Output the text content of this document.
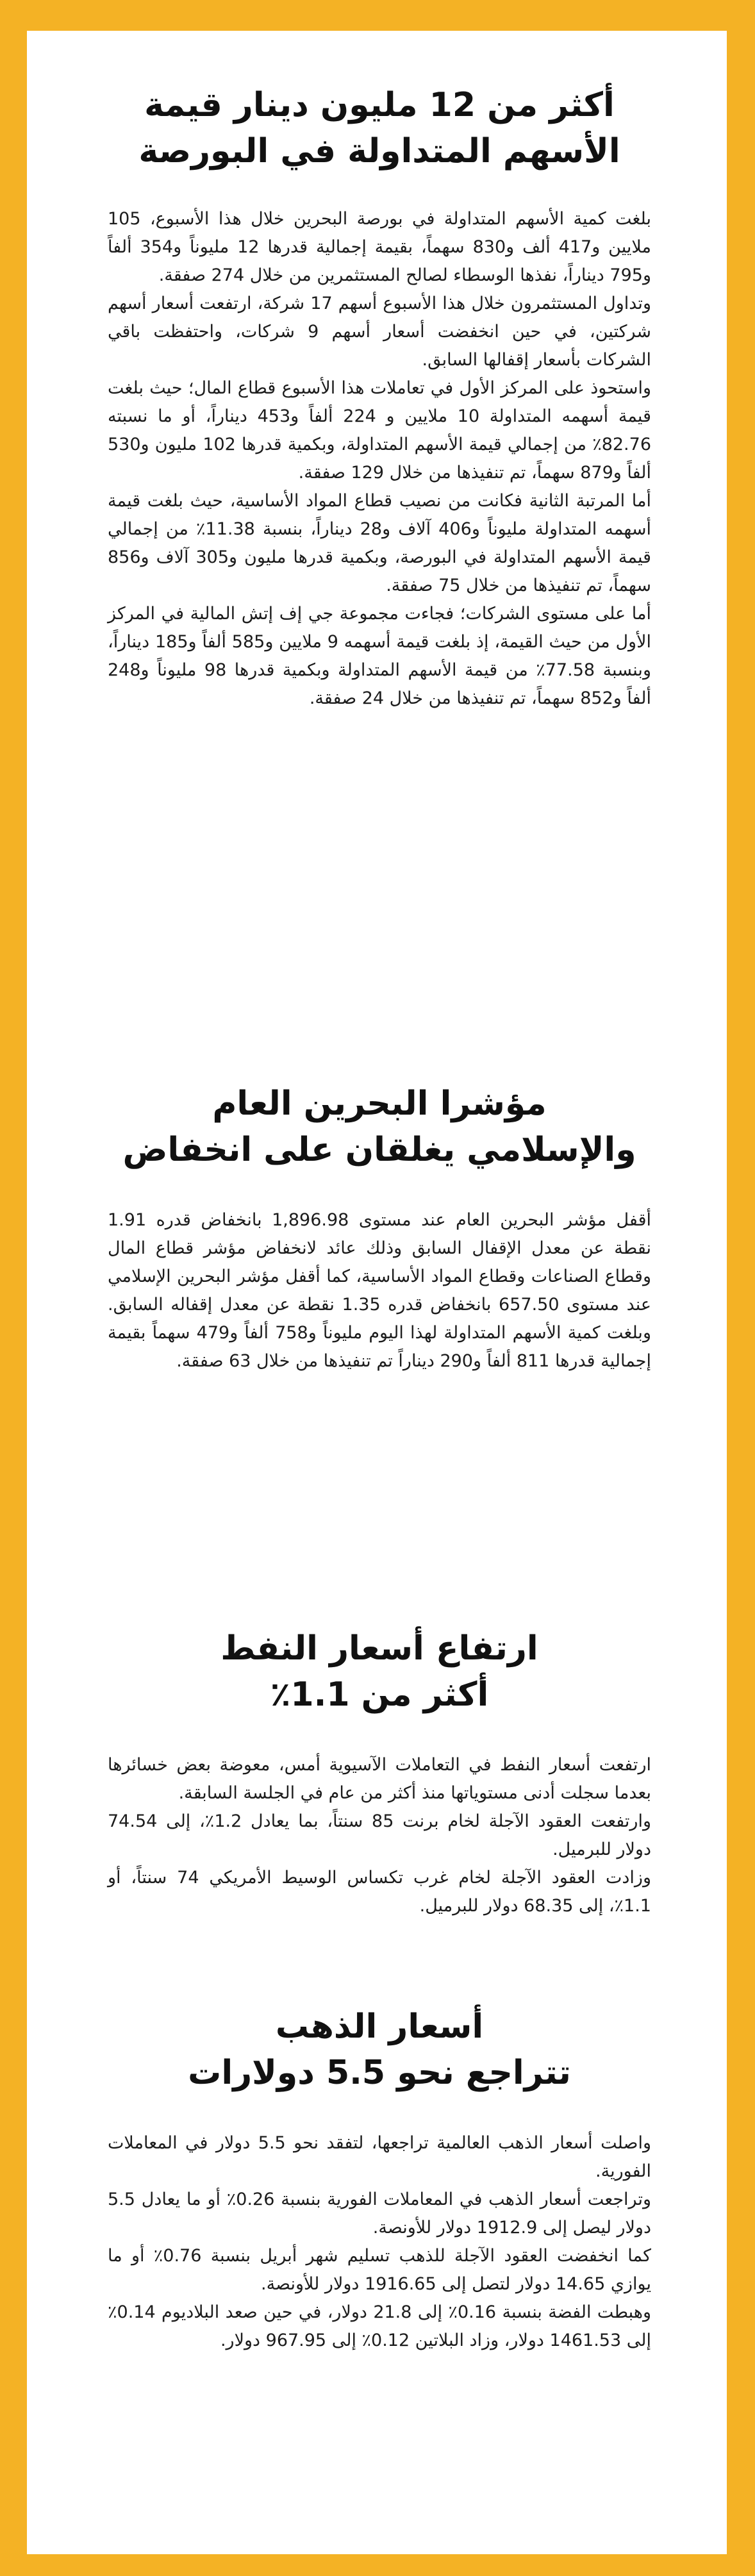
أكثر من 12 مليون دينار قيمة
الأسهم المتداولة في البورصة

بلغت كمية الأسهم المتداولة في بورصة البحرين خلال هذا الأسبوع، 105 ملايين و417 ألف و830 سهماً، بقيمة إجمالية قدرها 12 مليوناً و354 ألفاً و795 ديناراً، نفذها الوسطاء لصالح المستثمرين من خلال 274 صفقة.

وتداول المستثمرون خلال هذا الأسبوع أسهم 17 شركة، ارتفعت أسعار أسهم شركتين، في حين انخفضت أسعار أسهم 9 شركات، واحتفظت باقي الشركات بأسعار إقفالها السابق.

واستحوذ على المركز الأول في تعاملات هذا الأسبوع قطاع المال؛ حيث بلغت قيمة أسهمه المتداولة 10 ملايين و 224 ألفاً و453 ديناراً، أو ما نسبته 82.76٪ من إجمالي قيمة الأسهم المتداولة، وبكمية قدرها 102 مليون و530 ألفاً و879 سهماً، تم تنفيذها من خلال 129 صفقة.

أما المرتبة الثانية فكانت من نصيب قطاع المواد الأساسية، حيث بلغت قيمة أسهمه المتداولة مليوناً و406 آلاف و28 ديناراً، بنسبة 11.38٪ من إجمالي قيمة الأسهم المتداولة في البورصة، وبكمية قدرها مليون و305 آلاف و856 سهماً، تم تنفيذها من خلال 75 صفقة.

أما على مستوى الشركات؛ فجاءت مجموعة جي إف إتش المالية في المركز الأول من حيث القيمة، إذ بلغت قيمة أسهمه 9 ملايين و585 ألفاً و185 ديناراً، وبنسبة 77.58٪ من قيمة الأسهم المتداولة وبكمية قدرها 98 مليوناً و248 ألفاً و852 سهماً، تم تنفيذها من خلال 24 صفقة.

مؤشرا البحرين العام
والإسلامي يغلقان على انخفاض

أقفل مؤشر البحرين العام عند مستوى 1,896.98 بانخفاض قدره 1.91 نقطة عن معدل الإقفال السابق وذلك عائد لانخفاض مؤشر قطاع المال وقطاع الصناعات وقطاع المواد الأساسية، كما أقفل مؤشر البحرين الإسلامي عند مستوى 657.50 بانخفاض قدره 1.35 نقطة عن معدل إقفاله السابق. وبلغت كمية الأسهم المتداولة لهذا اليوم مليوناً و758 ألفاً و479 سهماً بقيمة إجمالية قدرها 811 ألفاً و290 ديناراً تم تنفيذها من خلال 63 صفقة.

ارتفاع أسعار النفط
أكثر من 1.1٪

ارتفعت أسعار النفط في التعاملات الآسيوية أمس، معوضة بعض خسائرها بعدما سجلت أدنى مستوياتها منذ أكثر من عام في الجلسة السابقة.

وارتفعت العقود الآجلة لخام برنت 85 سنتاً، بما يعادل 1.2٪، إلى 74.54 دولار للبرميل.

وزادت العقود الآجلة لخام غرب تكساس الوسيط الأمريكي 74 سنتاً، أو 1.1٪، إلى 68.35 دولار للبرميل.

أسعار الذهب
تتراجع نحو 5.5 دولارات

واصلت أسعار الذهب العالمية تراجعها، لتفقد نحو 5.5 دولار في المعاملات الفورية.

وتراجعت أسعار الذهب في المعاملات الفورية بنسبة 0.26٪ أو ما يعادل 5.5 دولار ليصل إلى 1912.9 دولار للأونصة.

كما انخفضت العقود الآجلة للذهب تسليم شهر أبريل بنسبة 0.76٪ أو ما يوازي 14.65 دولار لتصل إلى 1916.65 دولار للأونصة.

وهبطت الفضة بنسبة 0.16٪ إلى 21.8 دولار، في حين صعد البلاديوم 0.14٪ إلى 1461.53 دولار، وزاد البلاتين 0.12٪ إلى 967.95 دولار.
